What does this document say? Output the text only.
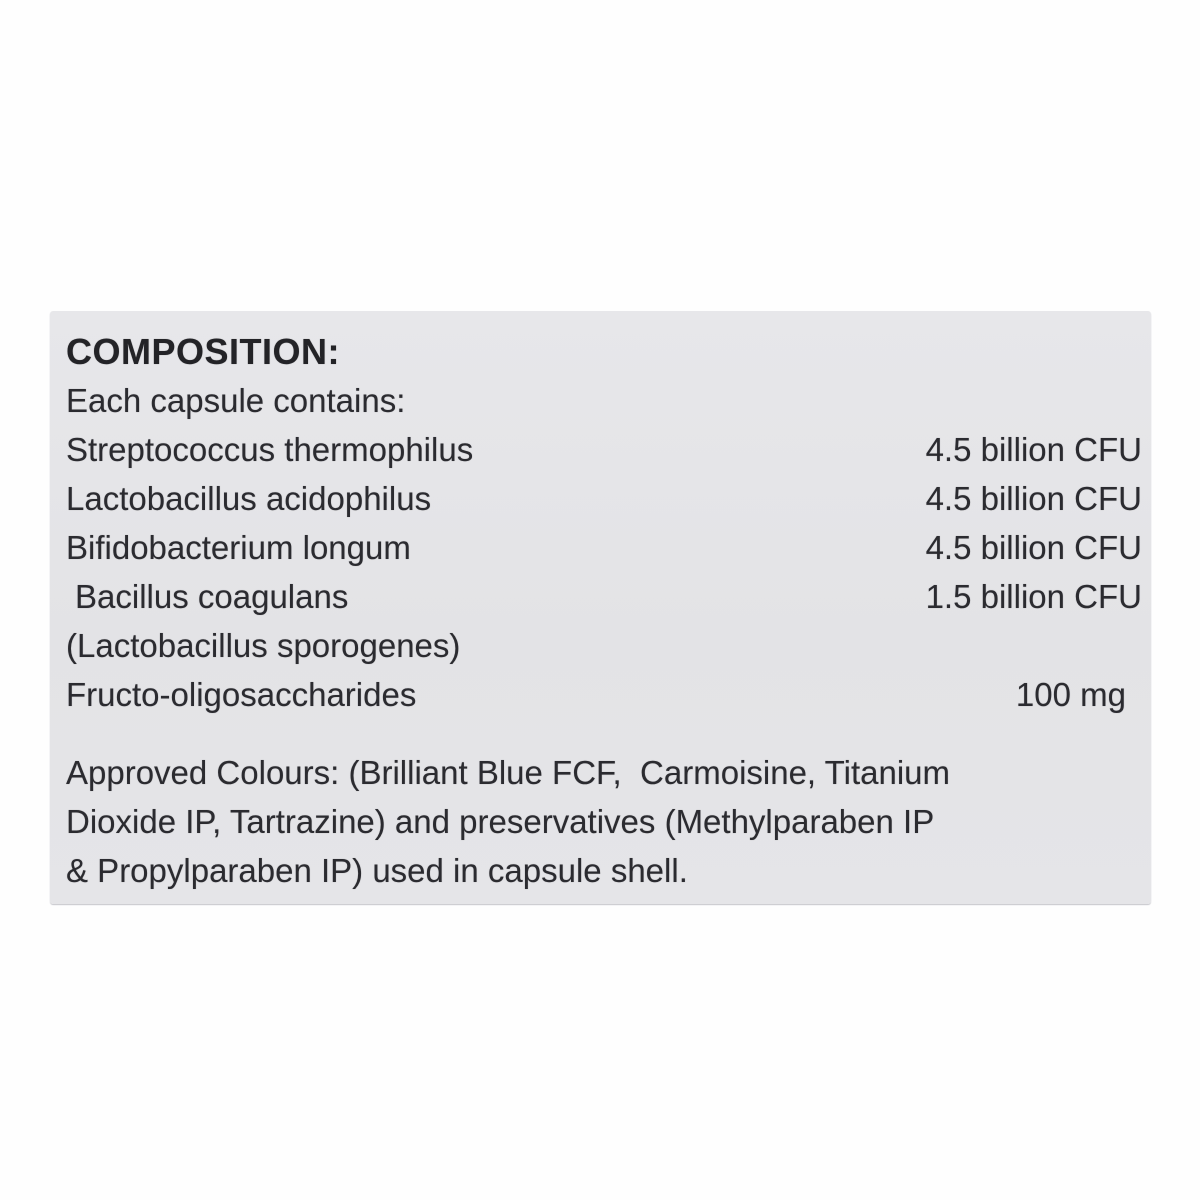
COMPOSITION:

Each capsule contains:

Streptococcus thermophilus	4.5 billion CFU
Lactobacillus acidophilus	4.5 billion CFU
Bifidobacterium longum	4.5 billion CFU
Bacillus coagulans	1.5 billion CFU
(Lactobacillus sporogenes)
Fructo-oligosaccharides	100 mg

Approved Colours: (Brilliant Blue FCF,  Carmoisine, Titanium
Dioxide IP, Tartrazine) and preservatives (Methylparaben IP
& Propylparaben IP) used in capsule shell.
